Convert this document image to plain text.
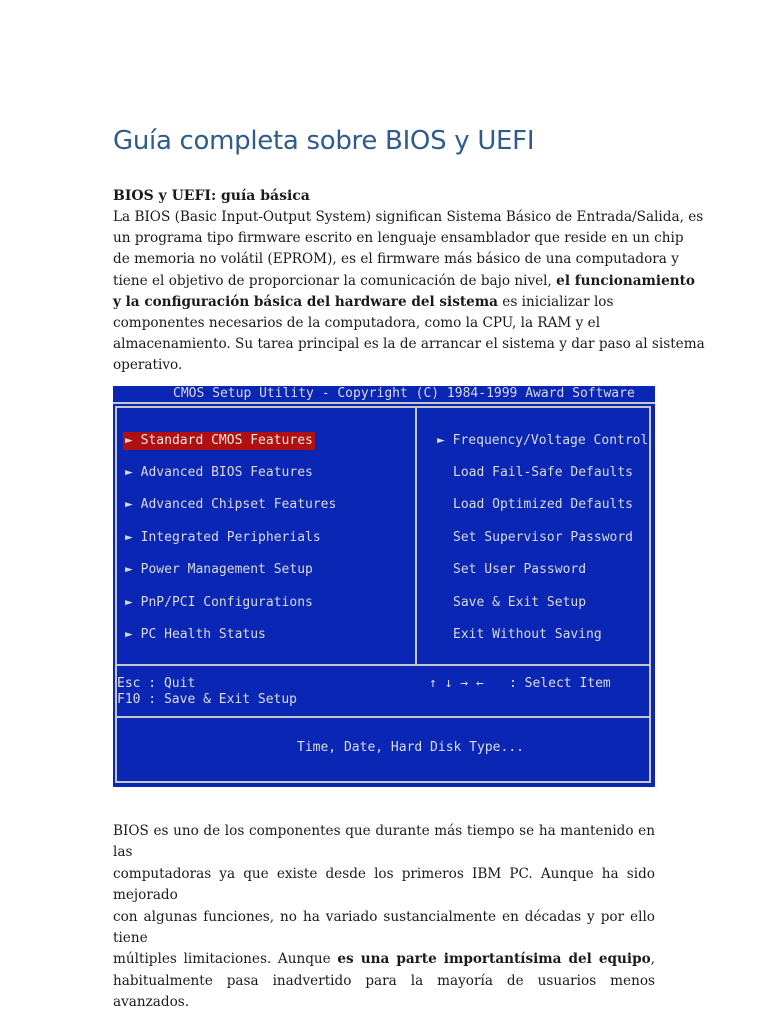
Guía completa sobre BIOS y UEFI
BIOS y UEFI: guía básica
La BIOS (Basic Input-Output System) significan Sistema Básico de Entrada/Salida, es
un programa tipo firmware escrito en lenguaje ensamblador que reside en un chip
de memoria no volátil (EPROM), es el firmware más básico de una computadora y
tiene el objetivo de proporcionar la comunicación de bajo nivel, el funcionamiento
y la configuración básica del hardware del sistema es inicializar los
componentes necesarios de la computadora, como la CPU, la RAM y el
almacenamiento. Su tarea principal es la de arrancar el sistema y dar paso al sistema
operativo.
CMOS Setup Utility - Copyright (C) 1984-1999 Award Software
► Standard CMOS Features
► Advanced BIOS Features
► Advanced Chipset Features
► Integrated Peripherials
► Power Management Setup
► PnP/PCI Configurations
► PC Health Status
► Frequency/Voltage Control
Load Fail-Safe Defaults
Load Optimized Defaults
Set Supervisor Password
Set User Password
Save & Exit Setup
Exit Without Saving
Esc : Quit
F10 : Save & Exit Setup
↑ ↓ → ← : Select Item
Time, Date, Hard Disk Type...
BIOS es uno de los componentes que durante más tiempo se ha mantenido en las
computadoras ya que existe desde los primeros IBM PC. Aunque ha sido mejorado
con algunas funciones, no ha variado sustancialmente en décadas y por ello tiene
múltiples limitaciones. Aunque es una parte importantísima del equipo,
habitualmente pasa inadvertido para la mayoría de usuarios menos avanzados.
